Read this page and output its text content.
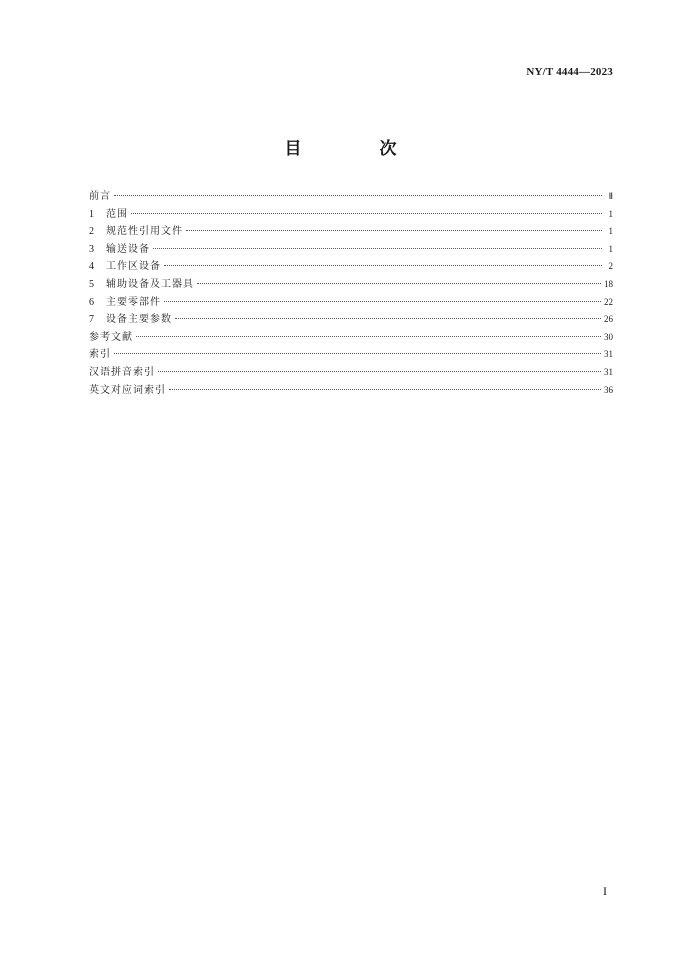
NY/T 4444—2023
目 次
前言	Ⅱ
1	范围	1
2	规范性引用文件	1
3	输送设备	1
4	工作区设备	2
5	辅助设备及工器具	18
6	主要零部件	22
7	设备主要参数	26
参考文献	30
索引	31
汉语拼音索引	31
英文对应词索引	36
I
